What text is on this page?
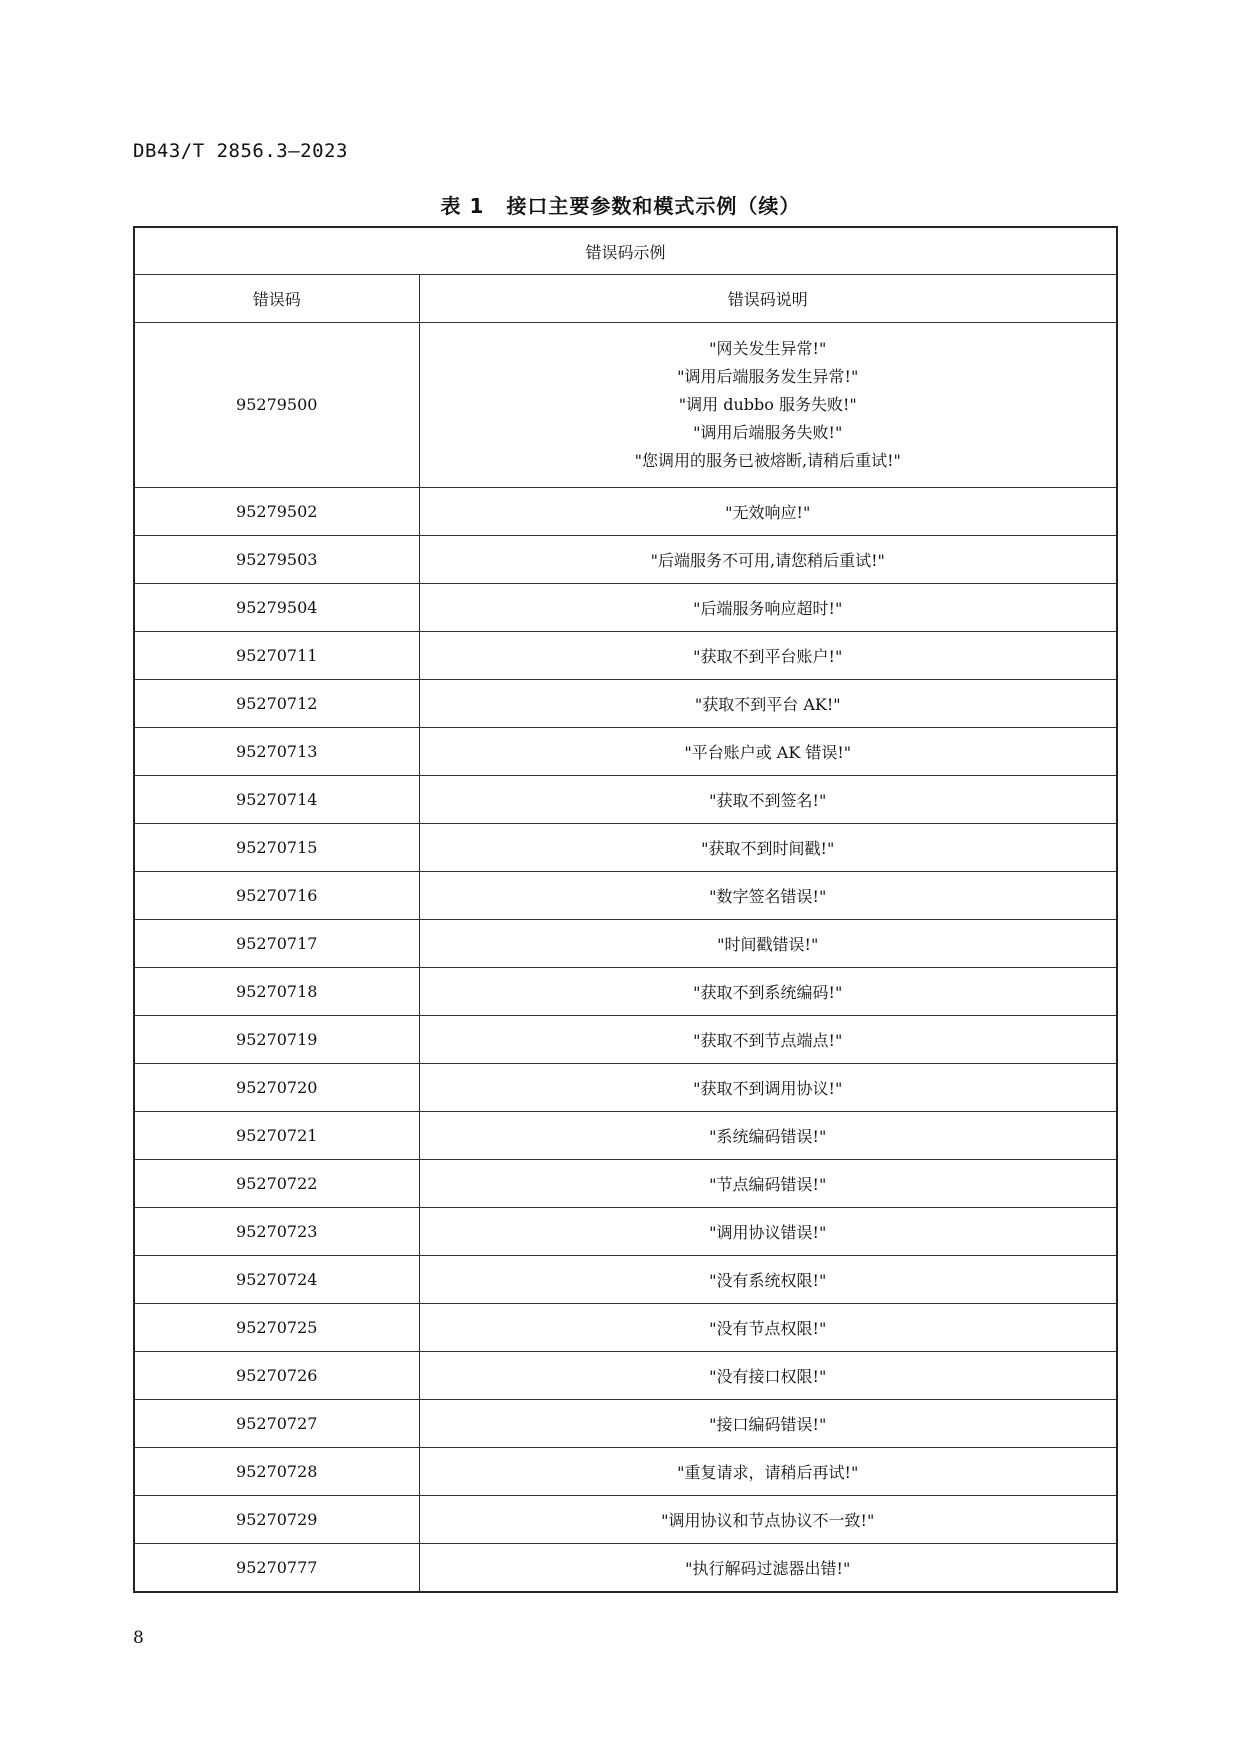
DB43/T 2856.3—2023
表 1 接口主要参数和模式示例（续）
错误码示例	
错误码	错误码说明
95279500	"网关发生异常!"
"调用后端服务发生异常!"
"调用 dubbo 服务失败!"
"调用后端服务失败!"
"您调用的服务已被熔断,请稍后重试!"

95279502	"无效响应!"
95279503	"后端服务不可用,请您稍后重试!"
95279504	"后端服务响应超时!"
95270711	"获取不到平台账户!"
95270712	"获取不到平台 AK!"
95270713	"平台账户或 AK 错误!"
95270714	"获取不到签名!"
95270715	"获取不到时间戳!"
95270716	"数字签名错误!"
95270717	"时间戳错误!"
95270718	"获取不到系统编码!"
95270719	"获取不到节点端点!"
95270720	"获取不到调用协议!"
95270721	"系统编码错误!"
95270722	"节点编码错误!"
95270723	"调用协议错误!"
95270724	"没有系统权限!"
95270725	"没有节点权限!"
95270726	"没有接口权限!"
95270727	"接口编码错误!"
95270728	"重复请求，请稍后再试!"
95270729	"调用协议和节点协议不一致!"
95270777	"执行解码过滤器出错!"
8
